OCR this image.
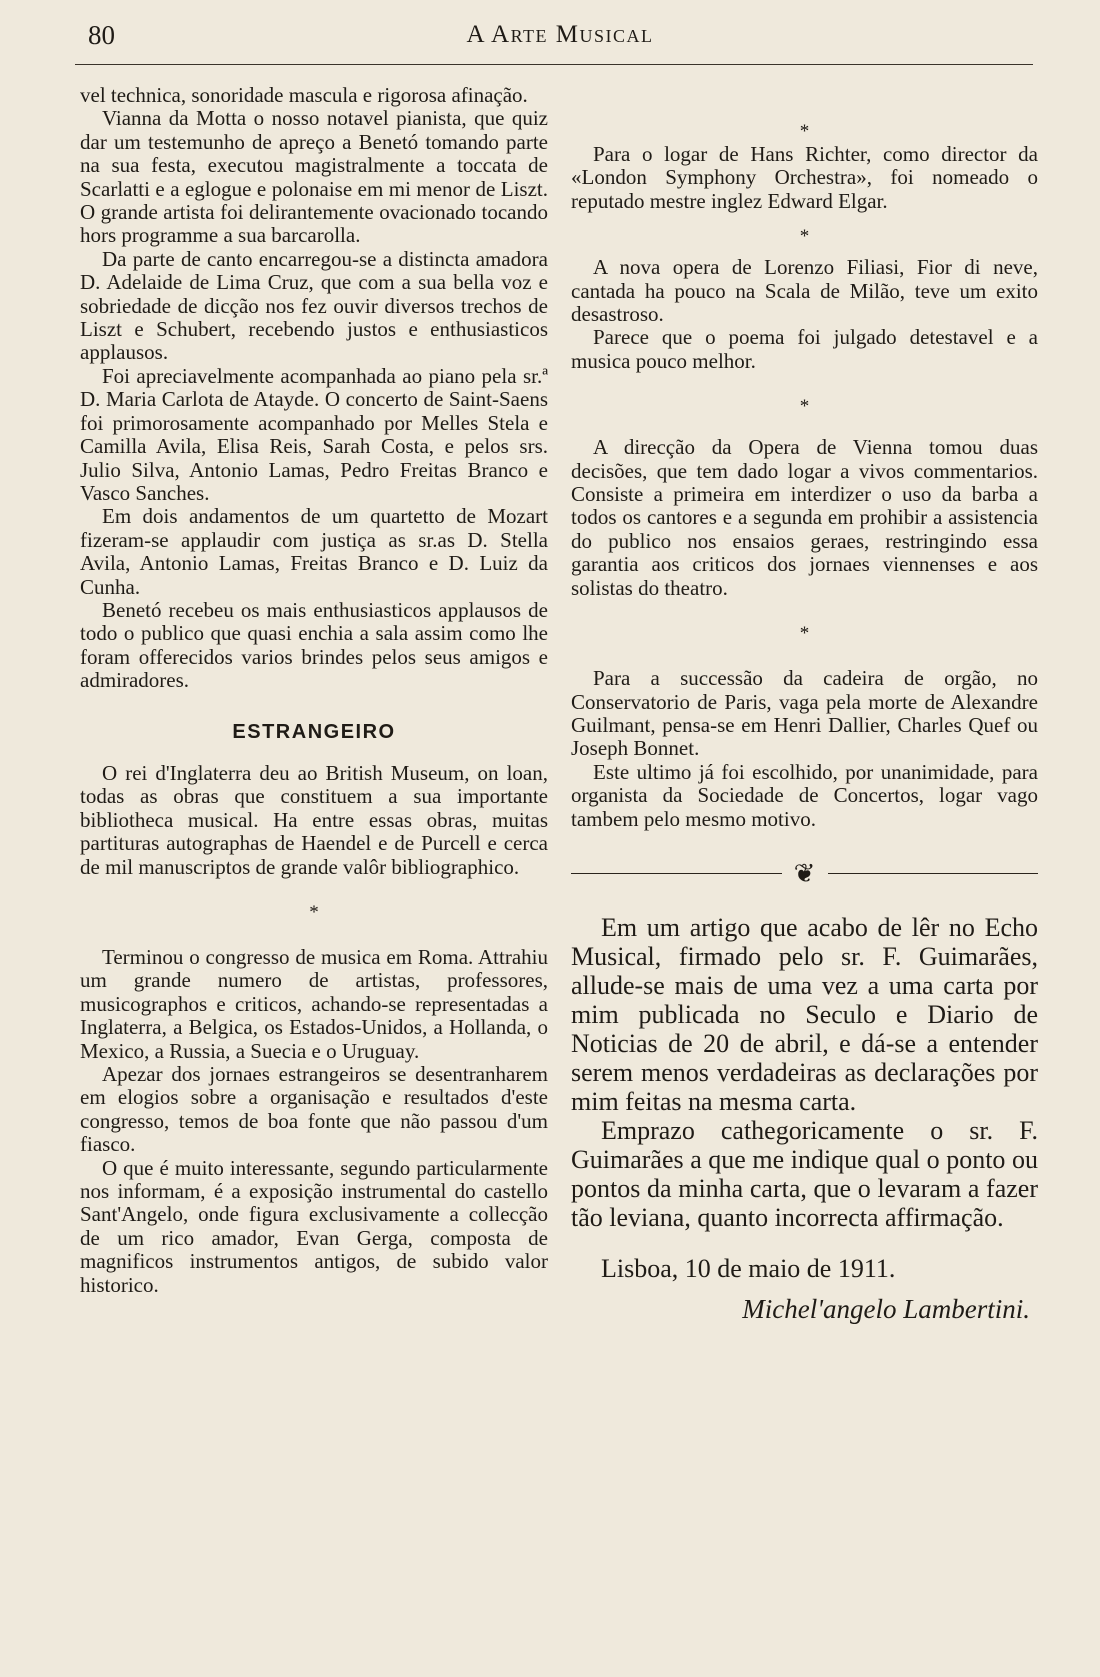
80	A Arte Musical

vel technica, sonoridade mascula e rigorosa afinação.

Vianna da Motta o nosso notavel pianista, que quiz dar um testemunho de apreço a Benetó tomando parte na sua festa, executou magistralmente a toccata de Scarlatti e a eglogue e polonaise em mi menor de Liszt. O grande artista foi delirantemente ovacionado tocando hors programme a sua barcarolla.

Da parte de canto encarregou-se a distincta amadora D. Adelaide de Lima Cruz, que com a sua bella voz e sobriedade de dicção nos fez ouvir diversos trechos de Liszt e Schubert, recebendo justos e enthusiasticos applausos.

Foi apreciavelmente acompanhada ao piano pela sr.ª D. Maria Carlota de Atayde. O concerto de Saint-Saens foi primorosamente acompanhado por Melles Stela e Camilla Avila, Elisa Reis, Sarah Costa, e pelos srs. Julio Silva, Antonio Lamas, Pedro Freitas Branco e Vasco Sanches.

Em dois andamentos de um quartetto de Mozart fizeram-se applaudir com justiça as sr.as D. Stella Avila, Antonio Lamas, Freitas Branco e D. Luiz da Cunha.

Benetó recebeu os mais enthusiasticos applausos de todo o publico que quasi enchia a sala assim como lhe foram offerecidos varios brindes pelos seus amigos e admiradores.

ESTRANGEIRO

O rei d'Inglaterra deu ao British Museum, on loan, todas as obras que constituem a sua importante bibliotheca musical. Ha entre essas obras, muitas partituras autographas de Haendel e de Purcell e cerca de mil manuscriptos de grande valôr bibliographico.

*

Terminou o congresso de musica em Roma. Attrahiu um grande numero de artistas, professores, musicographos e criticos, achando-se representadas a Inglaterra, a Belgica, os Estados-Unidos, a Hollanda, o Mexico, a Russia, a Suecia e o Uruguay.

Apezar dos jornaes estrangeiros se desentranharem em elogios sobre a organisação e resultados d'este congresso, temos de boa fonte que não passou d'um fiasco.

O que é muito interessante, segundo particularmente nos informam, é a exposição instrumental do castello Sant'Angelo, onde figura exclusivamente a collecção de um rico amador, Evan Gerga, composta de magnificos instrumentos antigos, de subido valor historico.

*

Para o logar de Hans Richter, como director da «London Symphony Orchestra», foi nomeado o reputado mestre inglez Edward Elgar.

*

A nova opera de Lorenzo Filiasi, Fior di neve, cantada ha pouco na Scala de Milão, teve um exito desastroso.

Parece que o poema foi julgado detestavel e a musica pouco melhor.

*

A direcção da Opera de Vienna tomou duas decisões, que tem dado logar a vivos commentarios. Consiste a primeira em interdizer o uso da barba a todos os cantores e a segunda em prohibir a assistencia do publico nos ensaios geraes, restringindo essa garantia aos criticos dos jornaes viennenses e aos solistas do theatro.

*

Para a successão da cadeira de orgão, no Conservatorio de Paris, vaga pela morte de Alexandre Guilmant, pensa-se em Henri Dallier, Charles Quef ou Joseph Bonnet.

Este ultimo já foi escolhido, por unanimidade, para organista da Sociedade de Concertos, logar vago tambem pelo mesmo motivo.

❦

Em um artigo que acabo de lêr no Echo Musical, firmado pelo sr. F. Guimarães, allude-se mais de uma vez a uma carta por mim publicada no Seculo e Diario de Noticias de 20 de abril, e dá-se a entender serem menos verdadeiras as declarações por mim feitas na mesma carta.

Emprazo cathegoricamente o sr. F. Guimarães a que me indique qual o ponto ou pontos da minha carta, que o levaram a fazer tão leviana, quanto incorrecta affirmação.

Lisboa, 10 de maio de 1911.
Michel'angelo Lambertini.
